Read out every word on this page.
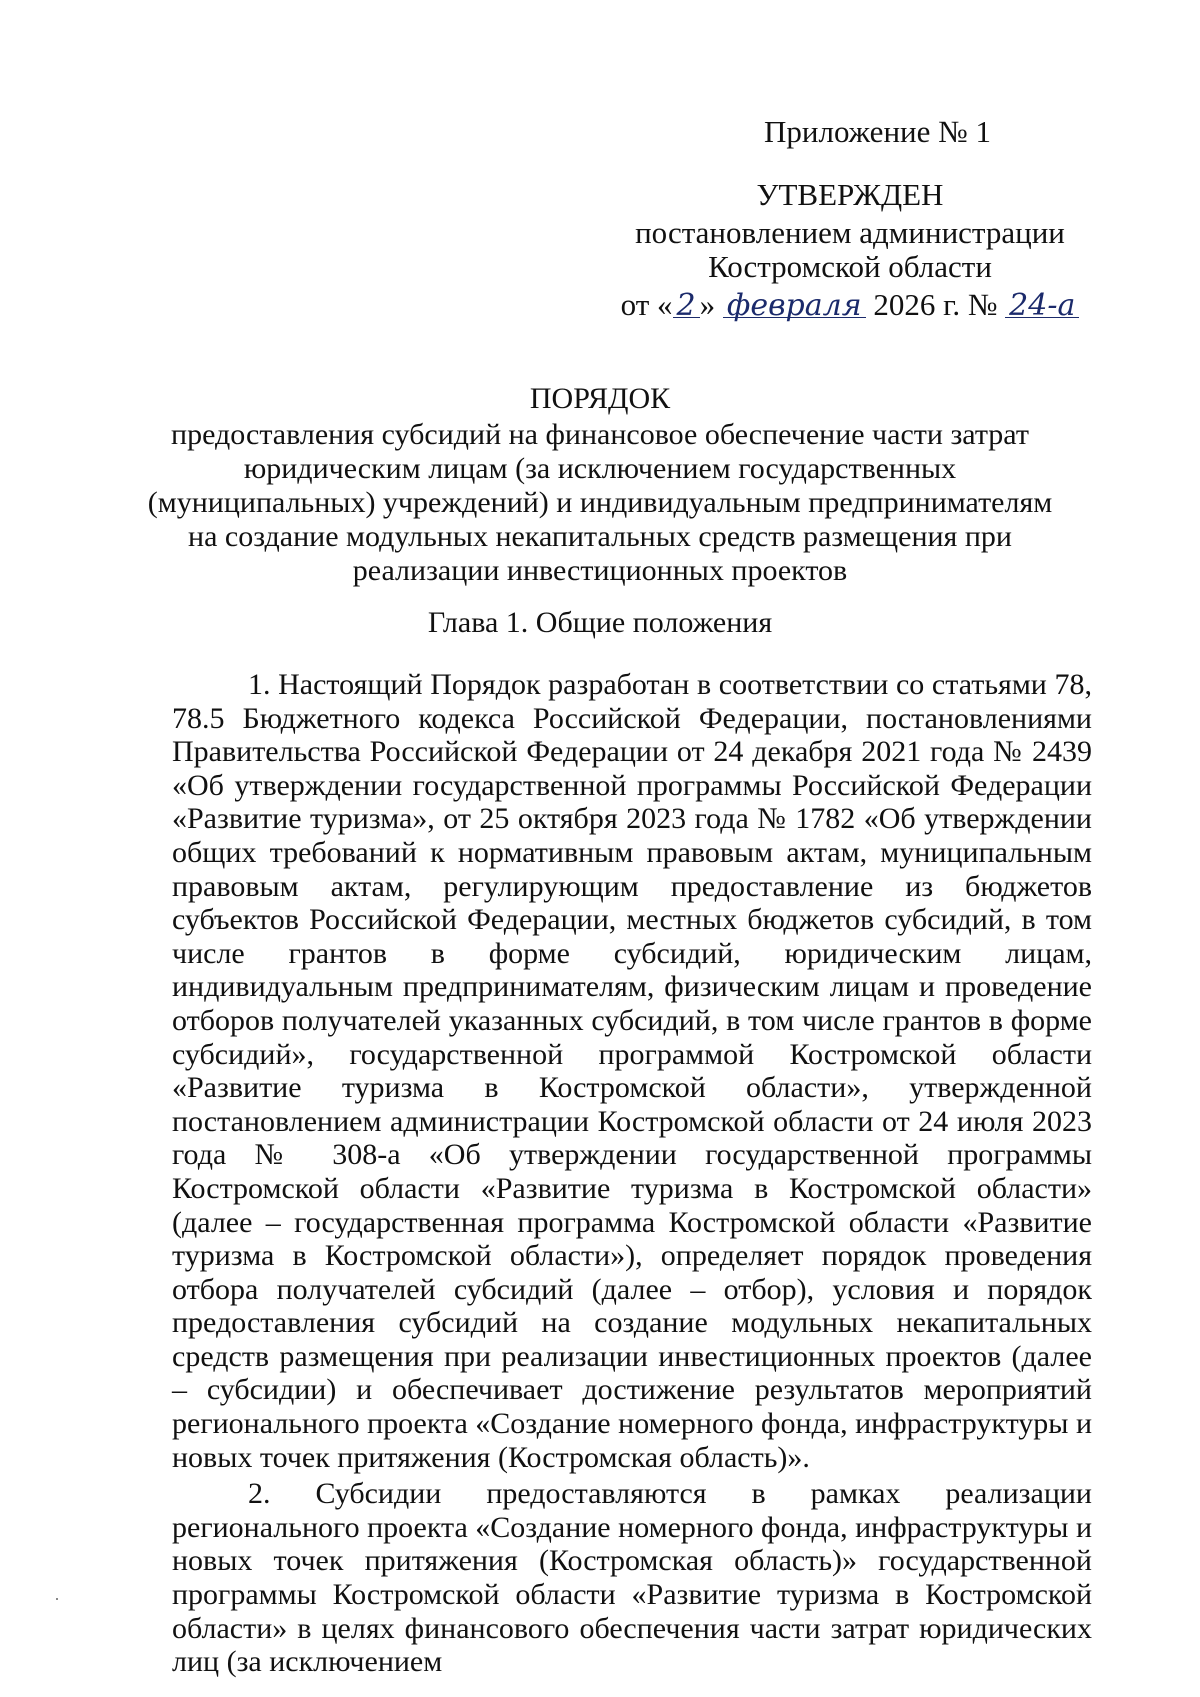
Приложение № 1
УТВЕРЖДЕН
постановлением администрации
Костромской области
от « 2 » февраля 2026 г. № 24-а
ПОРЯДОК
предоставления субсидий на финансовое обеспечение части затрат юридическим лицам (за исключением государственных (муниципальных) учреждений) и индивидуальным предпринимателям на создание модульных некапитальных средств размещения при реализации инвестиционных проектов
Глава 1. Общие положения

1. Настоящий Порядок разработан в соответствии со статьями 78, 78.5 Бюджетного кодекса Российской Федерации, постановлениями Правительства Российской Федерации от 24 декабря 2021 года № 2439 «Об утверждении государственной программы Российской Федерации «Развитие туризма», от 25 октября 2023 года № 1782 «Об утверждении общих требований к нормативным правовым актам, муниципальным правовым актам, регулирующим предоставление из бюджетов субъектов Российской Федерации, местных бюджетов субсидий, в том числе грантов в форме субсидий, юридическим лицам, индивидуальным предпринимателям, физическим лицам и проведение отборов получателей указанных субсидий, в том числе грантов в форме субсидий», государственной программой Костромской области «Развитие туризма в Костромской области», утвержденной постановлением администрации Костромской области от 24 июля 2023 года № 308-а «Об утверждении государственной программы Костромской области «Развитие туризма в Костромской области» (далее – государственная программа Костромской области «Развитие туризма в Костромской области»), определяет порядок проведения отбора получателей субсидий (далее – отбор), условия и порядок предоставления субсидий на создание модульных некапитальных средств размещения при реализации инвестиционных проектов (далее – субсидии) и обеспечивает достижение результатов мероприятий регионального проекта «Создание номерного фонда, инфраструктуры и новых точек притяжения (Костромская область)».

2. Субсидии предоставляются в рамках реализации регионального проекта «Создание номерного фонда, инфраструктуры и новых точек притяжения (Костромская область)» государственной программы Костромской области «Развитие туризма в Костромской области» в целях финансового обеспечения части затрат юридических лиц (за исключением
